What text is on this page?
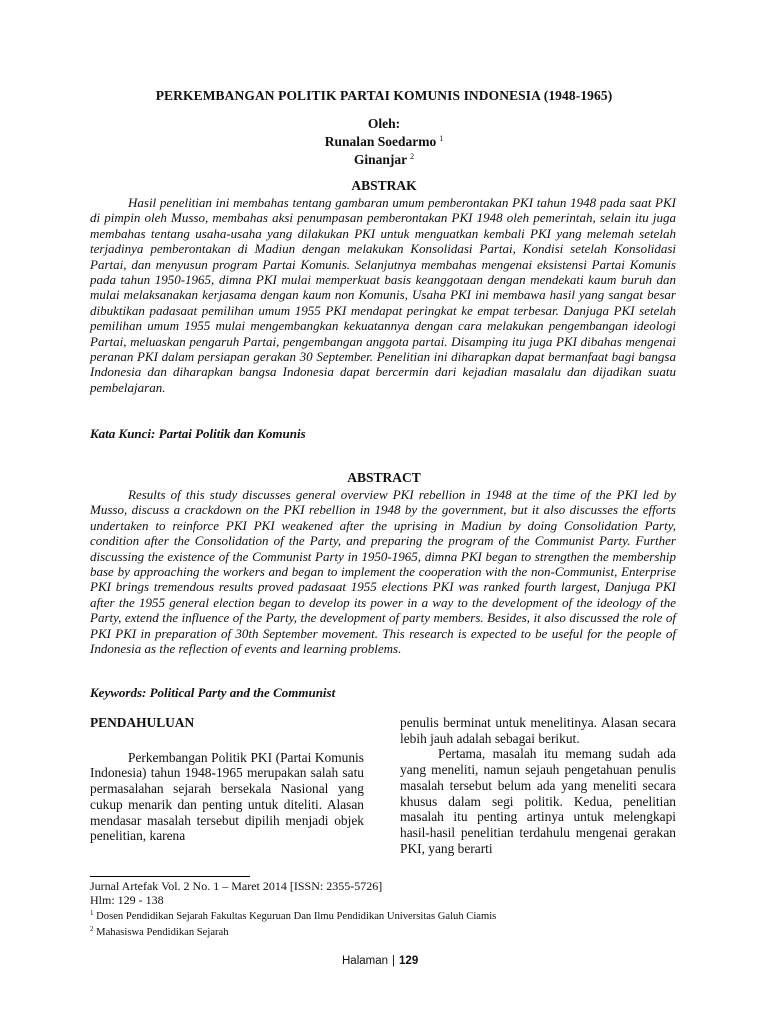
PERKEMBANGAN POLITIK PARTAI KOMUNIS INDONESIA (1948-1965)
Oleh:
Runalan Soedarmo $^1$
Ginanjar $^2$
ABSTRAK

Hasil penelitian ini membahas tentang gambaran umum pemberontakan PKI tahun 1948 pada saat PKI di pimpin oleh Musso, membahas aksi penumpasan pemberontakan PKI 1948 oleh pemerintah, selain itu juga membahas tentang usaha-usaha yang dilakukan PKI untuk menguatkan kembali PKI yang melemah setelah terjadinya pemberontakan di Madiun dengan melakukan Konsolidasi Partai, Kondisi setelah Konsolidasi Partai, dan menyusun program Partai Komunis. Selanjutnya membahas mengenai eksistensi Partai Komunis pada tahun 1950-1965, dimna PKI mulai memperkuat basis keanggotaan dengan mendekati kaum buruh dan mulai melaksanakan kerjasama dengan kaum non Komunis, Usaha PKI ini membawa hasil yang sangat besar dibuktikan padasaat pemilihan umum 1955 PKI mendapat peringkat ke empat terbesar. Danjuga PKI setelah pemilihan umum 1955 mulai mengembangkan kekuatannya dengan cara melakukan pengembangan ideologi Partai, meluaskan pengaruh Partai, pengembangan anggota partai. Disamping itu juga PKI dibahas mengenai peranan PKI dalam persiapan gerakan 30 September. Penelitian ini diharapkan dapat bermanfaat bagi bangsa Indonesia dan diharapkan bangsa Indonesia dapat bercermin dari kejadian masalalu dan dijadikan suatu pembelajaran.

Kata Kunci: Partai Politik dan Komunis
ABSTRACT

Results of this study discusses general overview PKI rebellion in 1948 at the time of the PKI led by Musso, discuss a crackdown on the PKI rebellion in 1948 by the government, but it also discusses the efforts undertaken to reinforce PKI PKI weakened after the uprising in Madiun by doing Consolidation Party, condition after the Consolidation of the Party, and preparing the program of the Communist Party. Further discussing the existence of the Communist Party in 1950-1965, dimna PKI began to strengthen the membership base by approaching the workers and began to implement the cooperation with the non-Communist, Enterprise PKI brings tremendous results proved padasaat 1955 elections PKI was ranked fourth largest, Danjuga PKI after the 1955 general election began to develop its power in a way to the development of the ideology of the Party, extend the influence of the Party, the development of party members. Besides, it also discussed the role of PKI PKI in preparation of 30th September movement. This research is expected to be useful for the people of Indonesia as the reflection of events and learning problems.

Keywords: Political Party and the Communist

PENDAHULUAN

Perkembangan Politik PKI (Partai Komunis Indonesia) tahun 1948-1965 merupakan salah satu permasalahan sejarah bersekala Nasional yang cukup menarik dan penting untuk diteliti. Alasan mendasar masalah tersebut dipilih menjadi objek penelitian, karena

penulis berminat untuk menelitinya. Alasan secara lebih jauh adalah sebagai berikut.

Pertama, masalah itu memang sudah ada yang meneliti, namun sejauh pengetahuan penulis masalah tersebut belum ada yang meneliti secara khusus dalam segi politik. Kedua, penelitian masalah itu penting artinya untuk melengkapi hasil-hasil penelitian terdahulu mengenai gerakan PKI, yang berarti

Jurnal Artefak Vol. 2 No. 1 – Maret 2014 [ISSN: 2355-5726]
Hlm: 129 - 138
$^1$ Dosen Pendidikan Sejarah Fakultas Keguruan Dan Ilmu Pendidikan Universitas Galuh Ciamis
$^2$ Mahasiswa Pendidikan Sejarah
Halaman | 129
